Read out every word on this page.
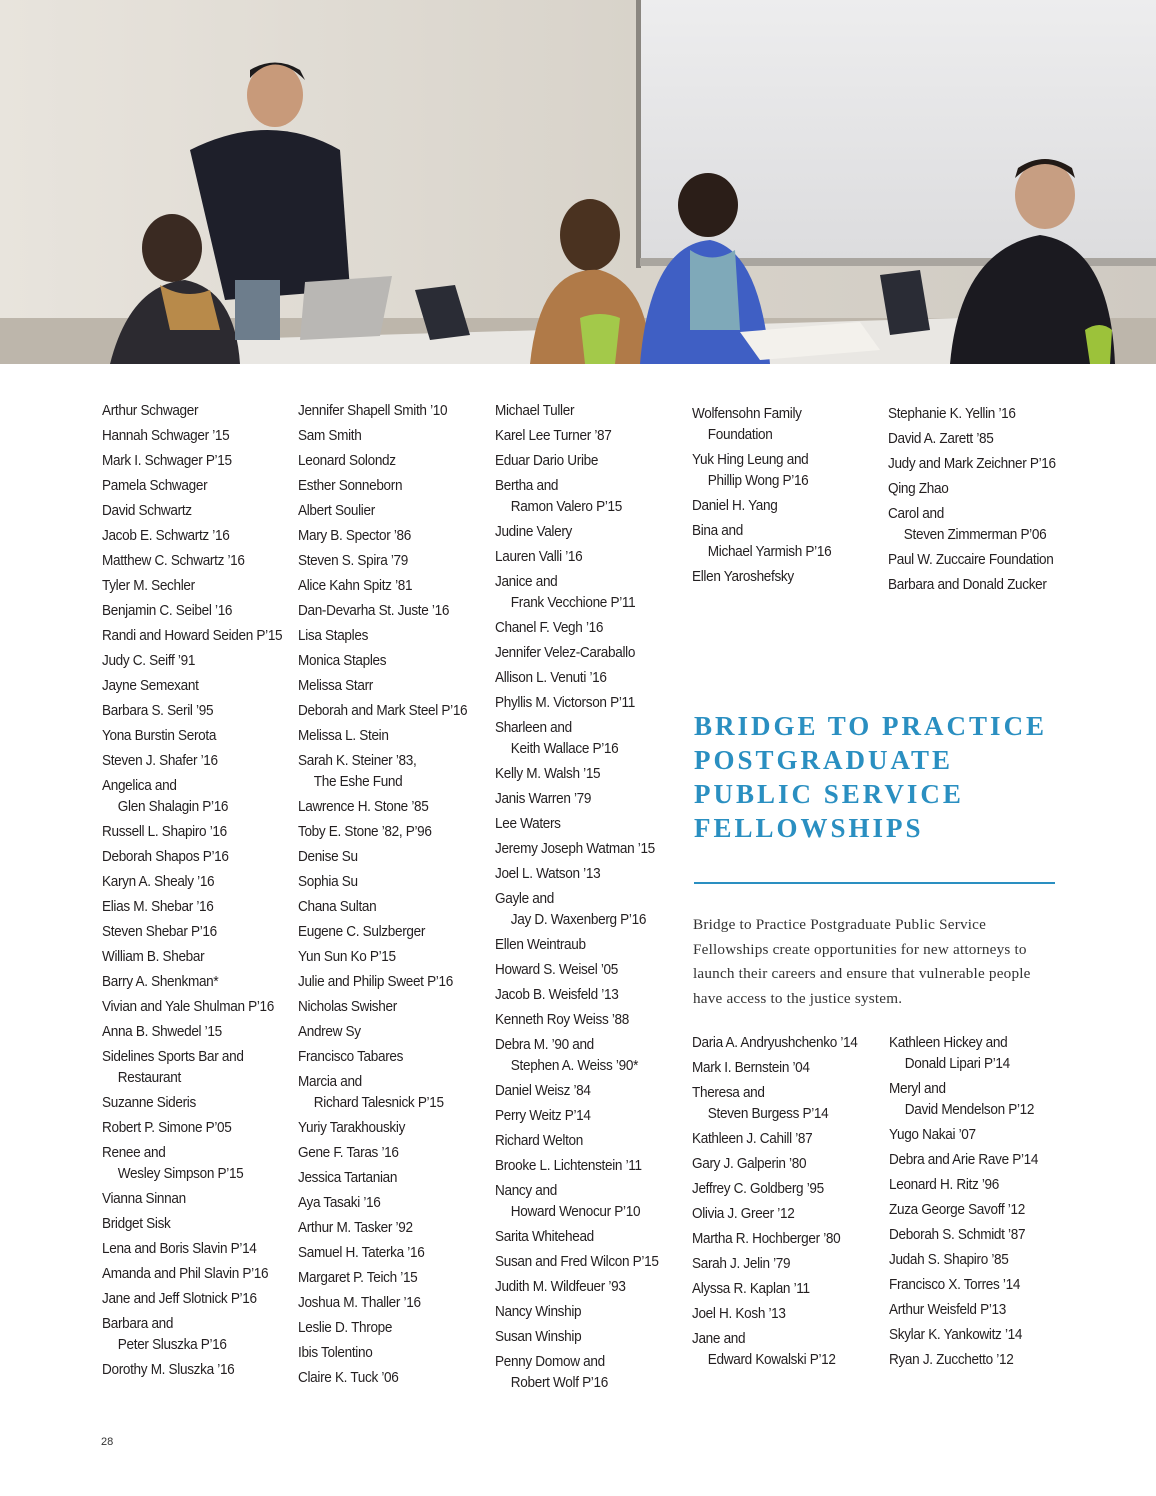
Arthur Schwager
Hannah Schwager ’15
Mark I. Schwager P’15
Pamela Schwager
David Schwartz
Jacob E. Schwartz ’16
Matthew C. Schwartz ’16
Tyler M. Sechler
Benjamin C. Seibel ’16
Randi and Howard Seiden P’15
Judy C. Seiff ’91
Jayne Semexant
Barbara S. Seril ’95
Yona Burstin Serota
Steven J. Shafer ’16
Angelica and
Glen Shalagin P’16
Russell L. Shapiro ’16
Deborah Shapos P’16
Karyn A. Shealy ’16
Elias M. Shebar ’16
Steven Shebar P’16
William B. Shebar
Barry A. Shenkman*
Vivian and Yale Shulman P’16
Anna B. Shwedel ’15
Sidelines Sports Bar and
Restaurant
Suzanne Sideris
Robert P. Simone P’05
Renee and
Wesley Simpson P’15
Vianna Sinnan
Bridget Sisk
Lena and Boris Slavin P’14
Amanda and Phil Slavin P’16
Jane and Jeff Slotnick P’16
Barbara and
Peter Sluszka P’16
Dorothy M. Sluszka ’16
Jennifer Shapell Smith ’10
Sam Smith
Leonard Solondz
Esther Sonneborn
Albert Soulier
Mary B. Spector ’86
Steven S. Spira ’79
Alice Kahn Spitz ’81
Dan-Devarha St. Juste ’16
Lisa Staples
Monica Staples
Melissa Starr
Deborah and Mark Steel P’16
Melissa L. Stein
Sarah K. Steiner ’83,
The Eshe Fund
Lawrence H. Stone ’85
Toby E. Stone ’82, P’96
Denise Su
Sophia Su
Chana Sultan
Eugene C. Sulzberger
Yun Sun Ko P’15
Julie and Philip Sweet P’16
Nicholas Swisher
Andrew Sy
Francisco Tabares
Marcia and
Richard Talesnick P’15
Yuriy Tarakhouskiy
Gene F. Taras ’16
Jessica Tartanian
Aya Tasaki ’16
Arthur M. Tasker ’92
Samuel H. Taterka ’16
Margaret P. Teich ’15
Joshua M. Thaller ’16
Leslie D. Thrope
Ibis Tolentino
Claire K. Tuck ’06
Michael Tuller
Karel Lee Turner ’87
Eduar Dario Uribe
Bertha and
Ramon Valero P’15
Judine Valery
Lauren Valli ’16
Janice and
Frank Vecchione P’11
Chanel F. Vegh ’16
Jennifer Velez-Caraballo
Allison L. Venuti ’16
Phyllis M. Victorson P’11
Sharleen and
Keith Wallace P’16
Kelly M. Walsh ’15
Janis Warren ’79
Lee Waters
Jeremy Joseph Watman ’15
Joel L. Watson ’13
Gayle and
Jay D. Waxenberg P’16
Ellen Weintraub
Howard S. Weisel ’05
Jacob B. Weisfeld ’13
Kenneth Roy Weiss ’88
Debra M. ’90 and
Stephen A. Weiss ’90*
Daniel Weisz ’84
Perry Weitz P’14
Richard Welton
Brooke L. Lichtenstein ’11
Nancy and
Howard Wenocur P’10
Sarita Whitehead
Susan and Fred Wilcon P’15
Judith M. Wildfeuer ’93
Nancy Winship
Susan Winship
Penny Domow and
Robert Wolf P’16
Wolfensohn Family
Foundation
Yuk Hing Leung and
Phillip Wong P’16
Daniel H. Yang
Bina and
Michael Yarmish P’16
Ellen Yaroshefsky
Stephanie K. Yellin ’16
David A. Zarett ’85
Judy and Mark Zeichner P’16
Qing Zhao
Carol and
Steven Zimmerman P’06
Paul W. Zuccaire Foundation
Barbara and Donald Zucker
BRIDGE TO PRACTICE POSTGRADUATE PUBLIC SERVICE FELLOWSHIPS
Bridge to Practice Postgraduate Public Service Fellowships create opportunities for new attorneys to launch their careers and ensure that vulnerable people have access to the justice system.
Daria A. Andryushchenko ’14
Mark I. Bernstein ’04
Theresa and
Steven Burgess P’14
Kathleen J. Cahill ’87
Gary J. Galperin ’80
Jeffrey C. Goldberg ’95
Olivia J. Greer ’12
Martha R. Hochberger ’80
Sarah J. Jelin ’79
Alyssa R. Kaplan ’11
Joel H. Kosh ’13
Jane and
Edward Kowalski P’12
Kathleen Hickey and
Donald Lipari P’14
Meryl and
David Mendelson P’12
Yugo Nakai ’07
Debra and Arie Rave P’14
Leonard H. Ritz ’96
Zuza George Savoff ’12
Deborah S. Schmidt ’87
Judah S. Shapiro ’85
Francisco X. Torres ’14
Arthur Weisfeld P’13
Skylar K. Yankowitz ’14
Ryan J. Zucchetto ’12
28
